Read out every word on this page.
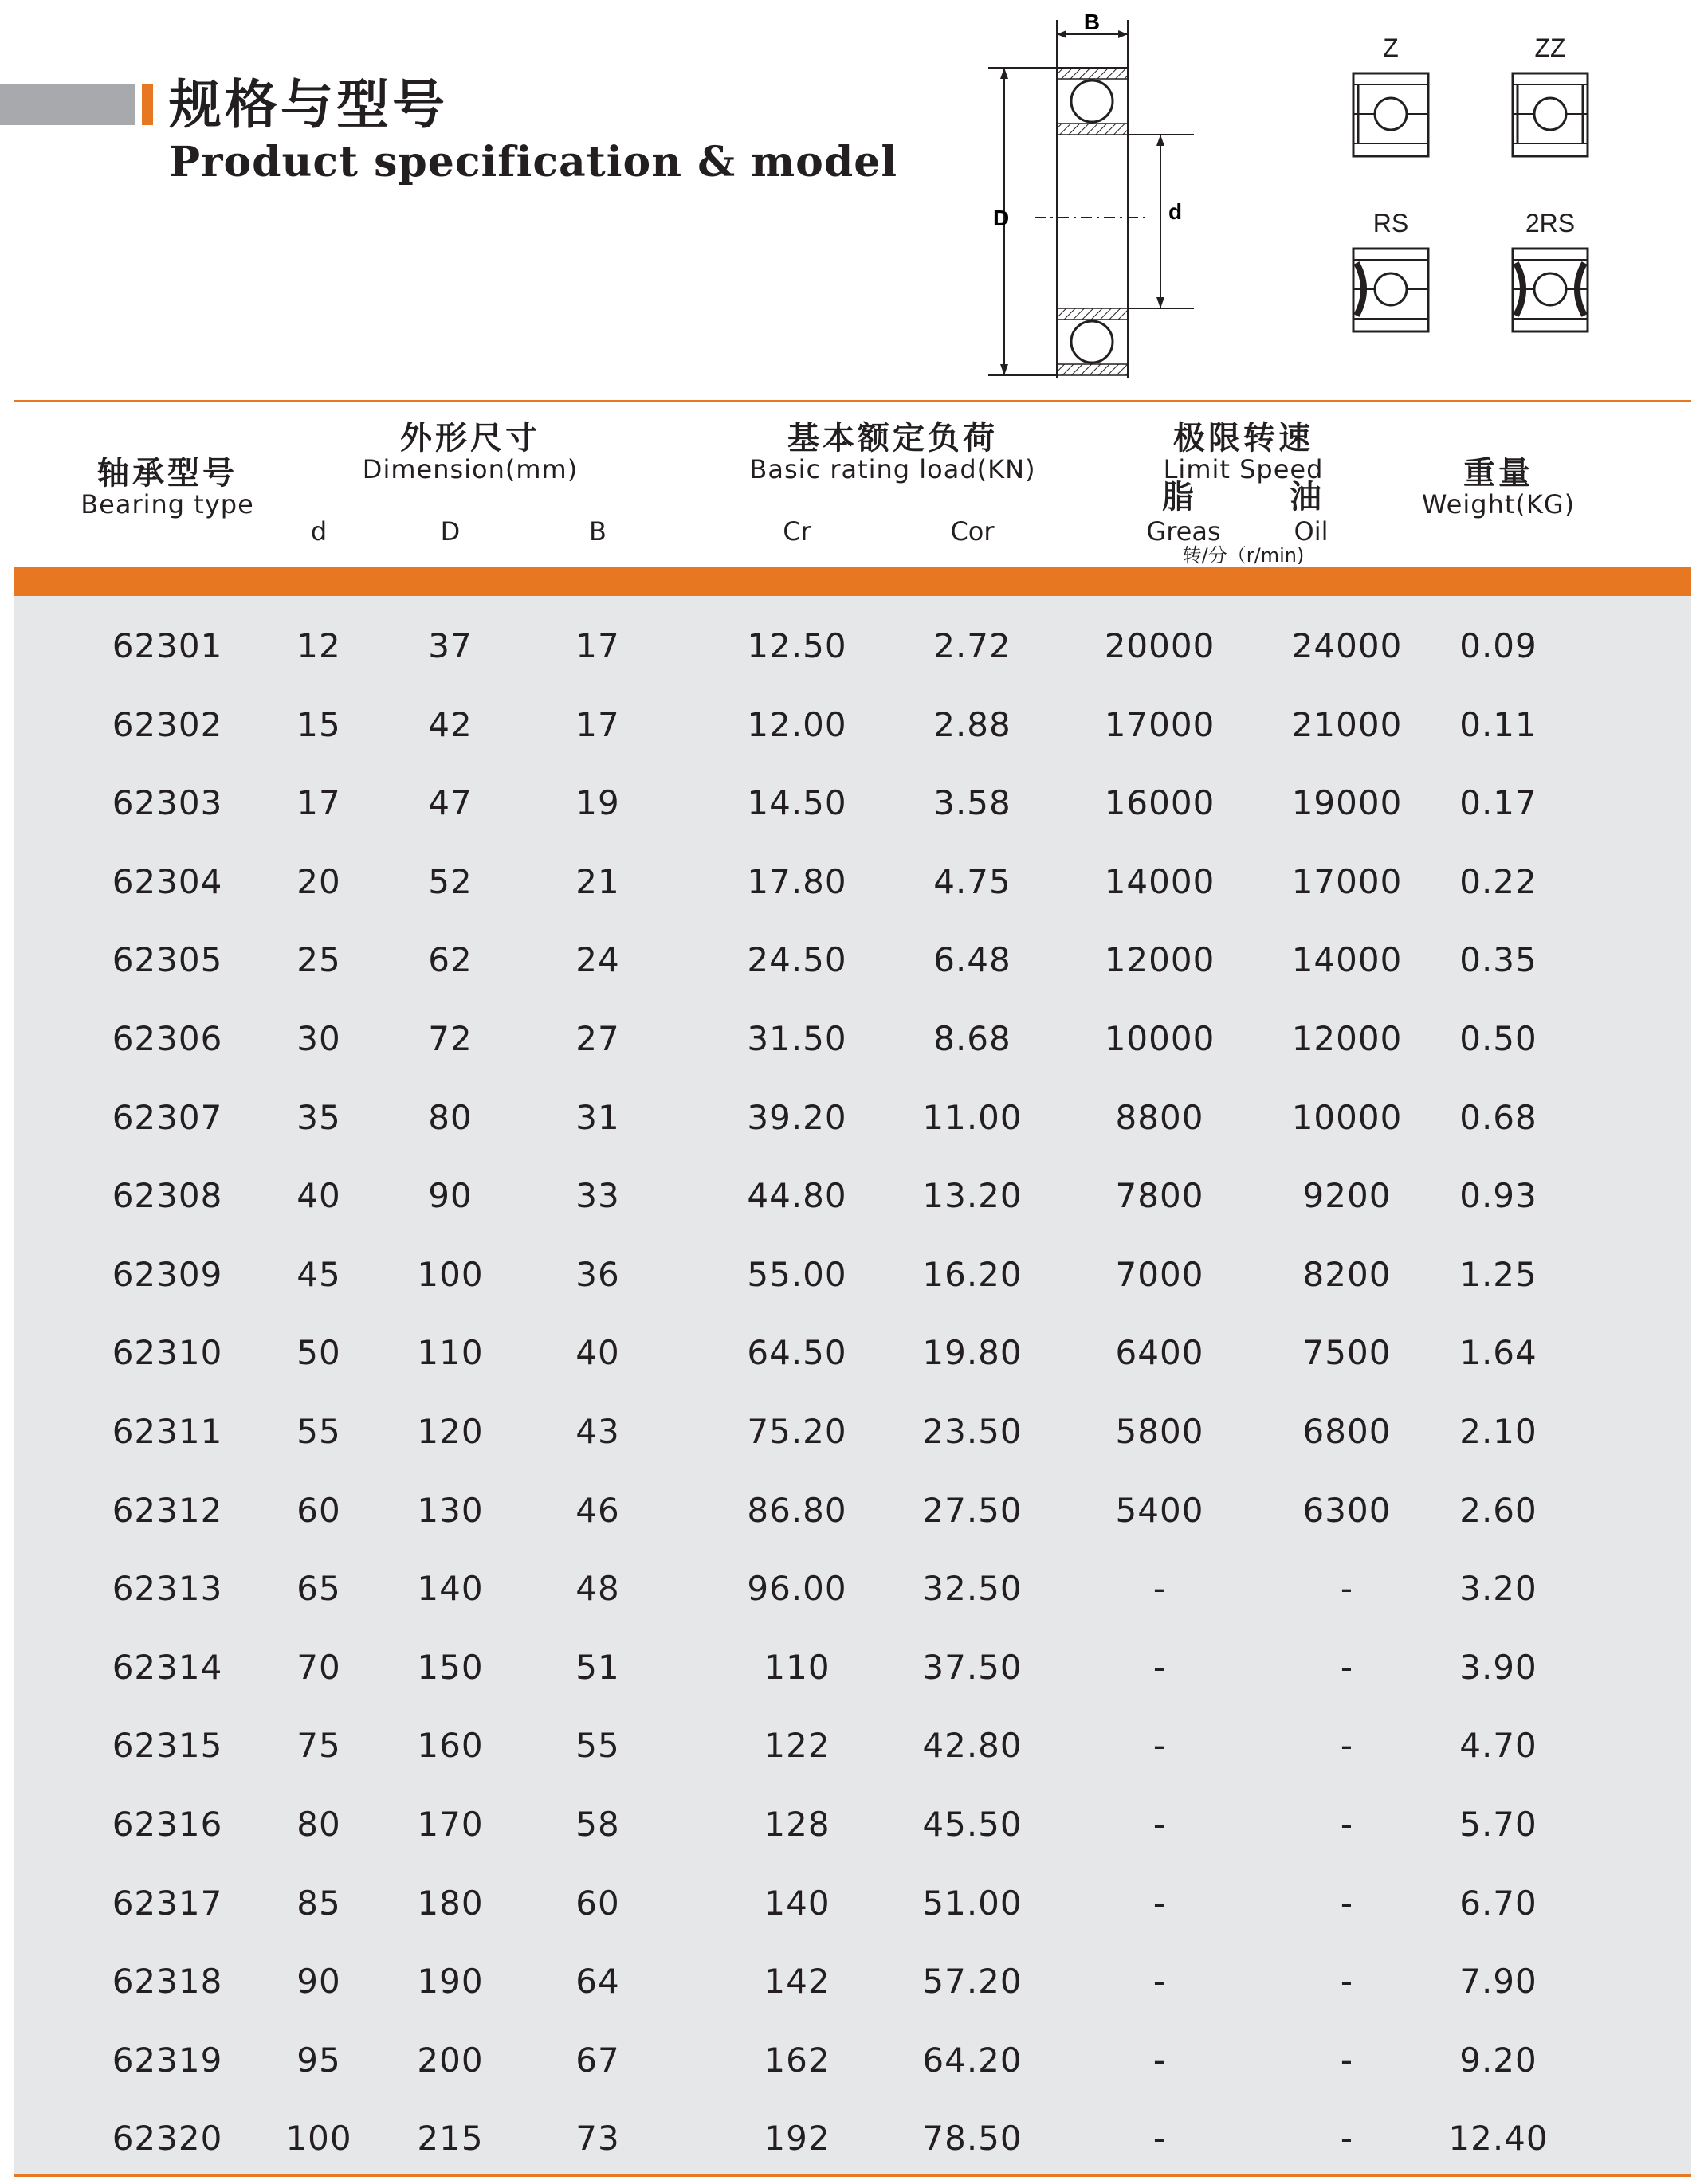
规格与型号
Product specification & model
B
D	d
Z	ZZ
RS	2RS
轴承型号
Bearing type
外形尺寸
Dimension(mm)
d	D	B
基本额定负荷
Basic rating load(KN)
Cr	Cor
极限转速
Limit Speed
脂	油
Greas	Oil
转/分（r/min)
重量
Weight(KG)
62301	12	37	17	12.50	2.72	20000	24000	0.09
62302	15	42	17	12.00	2.88	17000	21000	0.11
62303	17	47	19	14.50	3.58	16000	19000	0.17
62304	20	52	21	17.80	4.75	14000	17000	0.22
62305	25	62	24	24.50	6.48	12000	14000	0.35
62306	30	72	27	31.50	8.68	10000	12000	0.50
62307	35	80	31	39.20	11.00	8800	10000	0.68
62308	40	90	33	44.80	13.20	7800	9200	0.93
62309	45	100	36	55.00	16.20	7000	8200	1.25
62310	50	110	40	64.50	19.80	6400	7500	1.64
62311	55	120	43	75.20	23.50	5800	6800	2.10
62312	60	130	46	86.80	27.50	5400	6300	2.60
62313	65	140	48	96.00	32.50	-	-	3.20
62314	70	150	51	110	37.50	-	-	3.90
62315	75	160	55	122	42.80	-	-	4.70
62316	80	170	58	128	45.50	-	-	5.70
62317	85	180	60	140	51.00	-	-	6.70
62318	90	190	64	142	57.20	-	-	7.90
62319	95	200	67	162	64.20	-	-	9.20
62320	100	215	73	192	78.50	-	-	12.40
